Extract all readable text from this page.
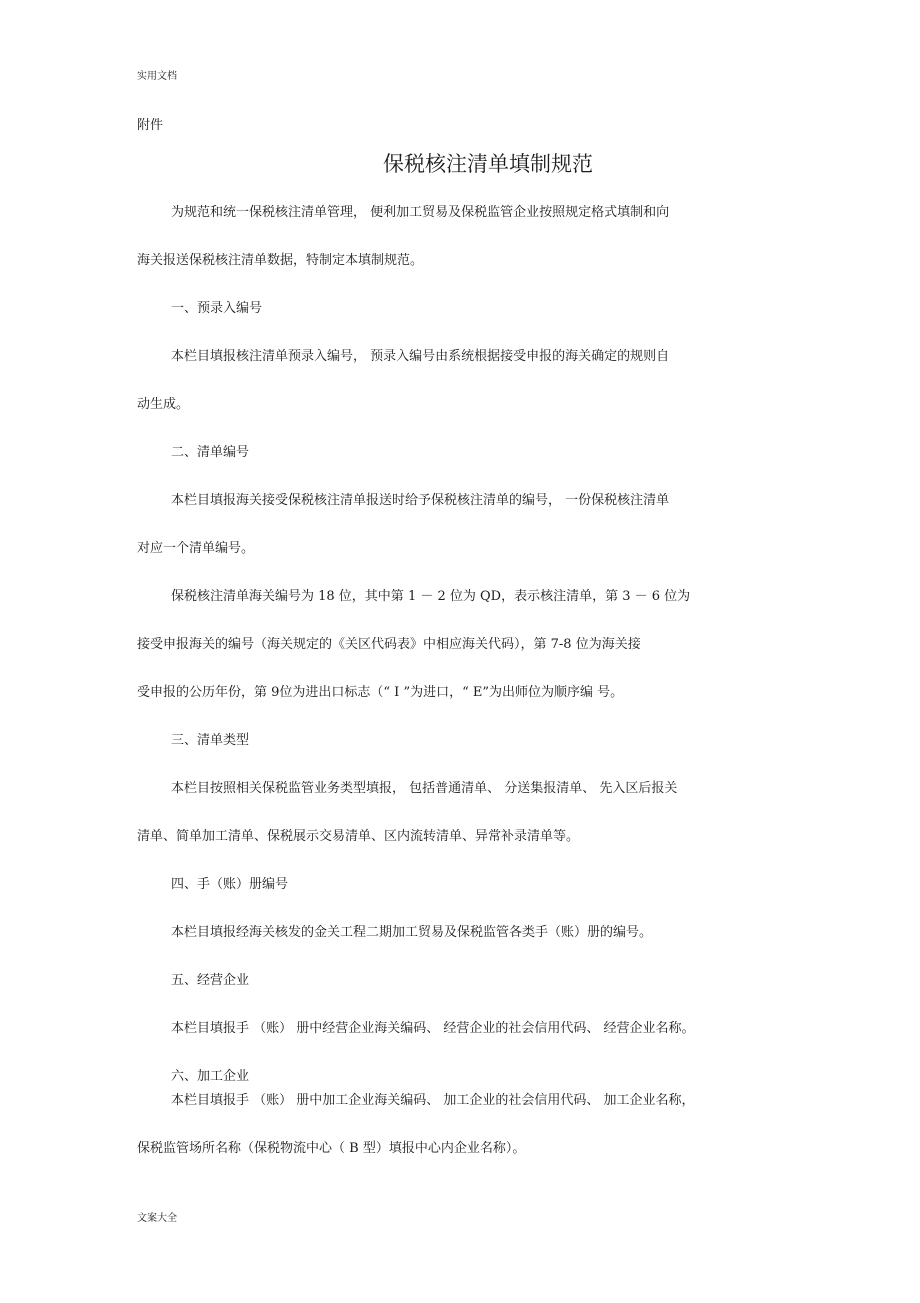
实用文档
附件
保税核注清单填制规范
为规范和统一保税核注清单管理， 便利加工贸易及保税监管企业按照规定格式填制和向
海关报送保税核注清单数据，特制定本填制规范。
一、预录入编号
本栏目填报核注清单预录入编号， 预录入编号由系统根据接受申报的海关确定的规则自
动生成。
二、清单编号
本栏目填报海关接受保税核注清单报送时给予保税核注清单的编号， 一份保税核注清单
对应一个清单编号。
保税核注清单海关编号为 18 位，其中第 1 － 2 位为 QD，表示核注清单，第 3 － 6 位为
接受申报海关的编号（海关规定的《关区代码表》中相应海关代码），第 7-8 位为海关接
受申报的公历年份，第 9位为进出口标志（“ I ”为进口，“ E”为出师位为顺序编 号。
三、清单类型
本栏目按照相关保税监管业务类型填报， 包括普通清单、 分送集报清单、 先入区后报关
清单、简单加工清单、保税展示交易清单、区内流转清单、异常补录清单等。
四、手（账）册编号
本栏目填报经海关核发的金关工程二期加工贸易及保税监管各类手（账）册的编号。
五、经营企业
本栏目填报手 （账） 册中经营企业海关编码、 经营企业的社会信用代码、 经营企业名称。
六、加工企业
本栏目填报手 （账） 册中加工企业海关编码、 加工企业的社会信用代码、 加工企业名称，
保税监管场所名称（保税物流中心（ B 型）填报中心内企业名称）。
文案大全
